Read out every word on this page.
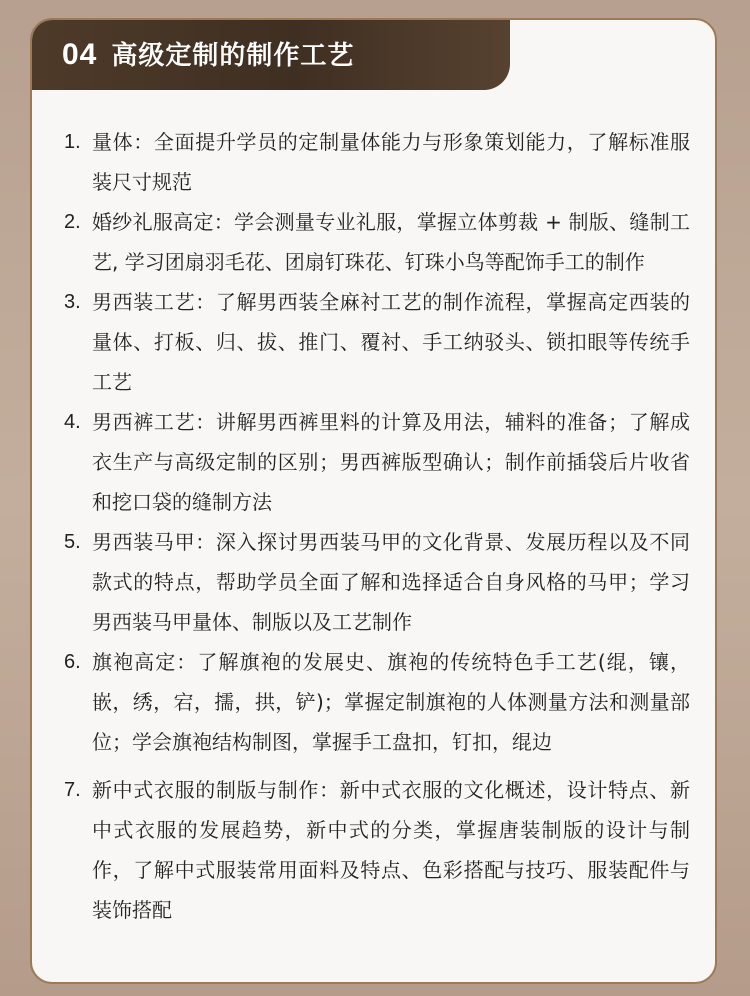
04 高级定制的制作工艺
1. 量体：全面提升学员的定制量体能力与形象策划能力，了解标准服装尺寸规范
2. 婚纱礼服高定：学会测量专业礼服，掌握立体剪裁 + 制版、缝制工艺, 学习团扇羽毛花、团扇钉珠花、钉珠小鸟等配饰手工的制作
3. 男西装工艺：了解男西装全麻衬工艺的制作流程，掌握高定西装的量体、打板、归、拔、推门、覆衬、手工纳驳头、锁扣眼等传统手工艺
4. 男西裤工艺：讲解男西裤里料的计算及用法，辅料的准备；了解成衣生产与高级定制的区别；男西裤版型确认；制作前插袋后片收省和挖口袋的缝制方法
5. 男西装马甲：深入探讨男西装马甲的文化背景、发展历程以及不同款式的特点，帮助学员全面了解和选择适合自身风格的马甲；学习男西装马甲量体、制版以及工艺制作
6. 旗袍高定：了解旗袍的发展史、旗袍的传统特色手工艺(绲，镶，嵌，绣，宕，擩，拱，铲)；掌握定制旗袍的人体测量方法和测量部位；学会旗袍结构制图，掌握手工盘扣，钉扣，绲边
7. 新中式衣服的制版与制作：新中式衣服的文化概述，设计特点、新中式衣服的发展趋势，新中式的分类，掌握唐装制版的设计与制作，了解中式服装常用面料及特点、色彩搭配与技巧、服装配件与装饰搭配
